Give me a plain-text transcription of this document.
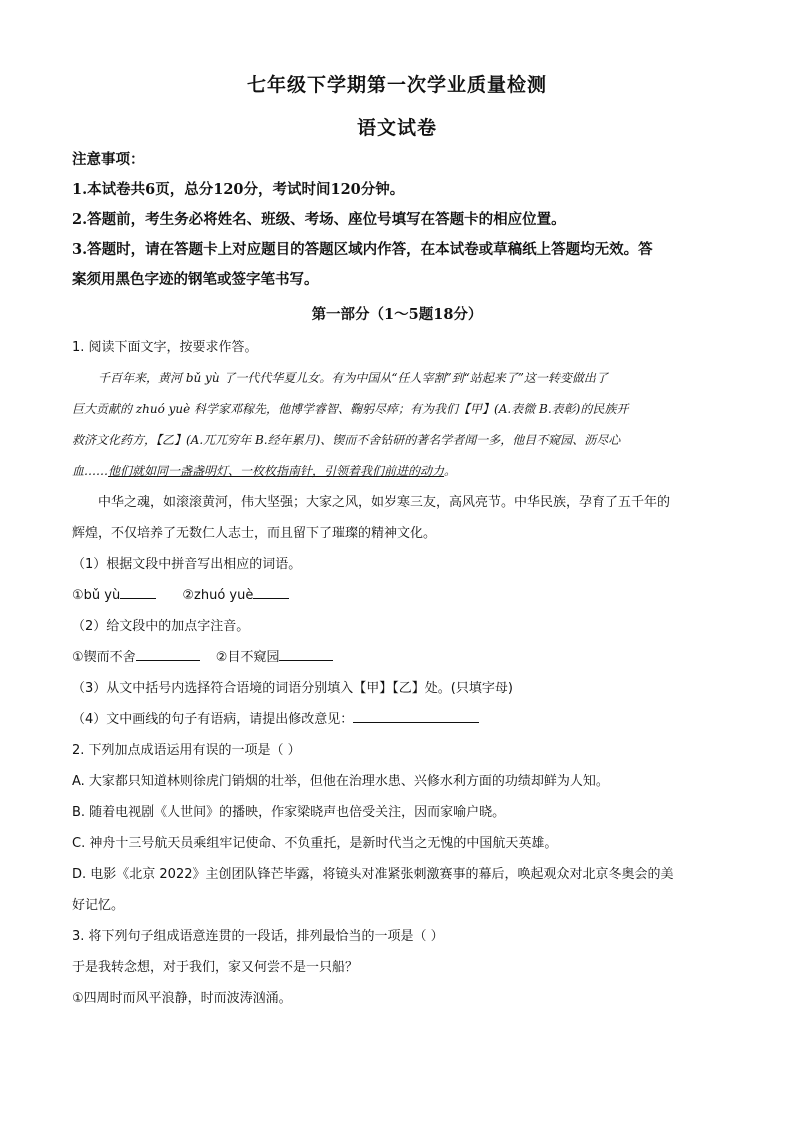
七年级下学期第一次学业质量检测
语文试卷
注意事项：
1.本试卷共6页，总分120分，考试时间120分钟。
2.答题前，考生务必将姓名、班级、考场、座位号填写在答题卡的相应位置。
3.答题时，请在答题卡上对应题目的答题区域内作答，在本试卷或草稿纸上答题均无效。答
案须用黑色字迹的钢笔或签字笔书写。
第一部分（1～5题18分）
1. 阅读下面文字，按要求作答。
千百年来，黄河 bǔ yù 了一代代华夏儿女。有为中国从“任人宰割”到“站起来了”这一转变做出了
巨大贡献的 zhuó yuè 科学家邓稼先，他博学睿智、鞠躬尽瘁；有为我们【甲】(A.表微 B.表彰)的民族开
救济文化药方，【乙】(A.兀兀穷年 B.经年累月)、锲而不舍钻研的著名学者闻一多，他目不窥园、沥尽心
血……他们就如同一盏盏明灯、一枚枚指南针，引领着我们前进的动力。
中华之魂，如滚滚黄河，伟大坚强；大家之风，如岁寒三友，高风亮节。中华民族，孕育了五千年的
辉煌，不仅培养了无数仁人志士，而且留下了璀璨的精神文化。
（1）根据文段中拼音写出相应的词语。
①bǔ yù	②zhuó yuè
（2）给文段中的加点字注音。
①锲而不舍	②目不窥园
（3）从文中括号内选择符合语境的词语分别填入【甲】【乙】处。(只填字母)
（4）文中画线的句子有语病，请提出修改意见：
2. 下列加点成语运用有误的一项是（ ）
A. 大家都只知道林则徐虎门销烟的壮举，但他在治理水患、兴修水利方面的功绩却鲜为人知。
B. 随着电视剧《人世间》的播映，作家梁晓声也倍受关注，因而家喻户晓。
C. 神舟十三号航天员乘组牢记使命、不负重托，是新时代当之无愧的中国航天英雄。
D. 电影《北京 2022》主创团队锋芒毕露，将镜头对准紧张刺激赛事的幕后，唤起观众对北京冬奥会的美
好记忆。
3. 将下列句子组成语意连贯的一段话，排列最恰当的一项是（ ）
于是我转念想，对于我们，家又何尝不是一只船？
①四周时而风平浪静，时而波涛汹涌。
